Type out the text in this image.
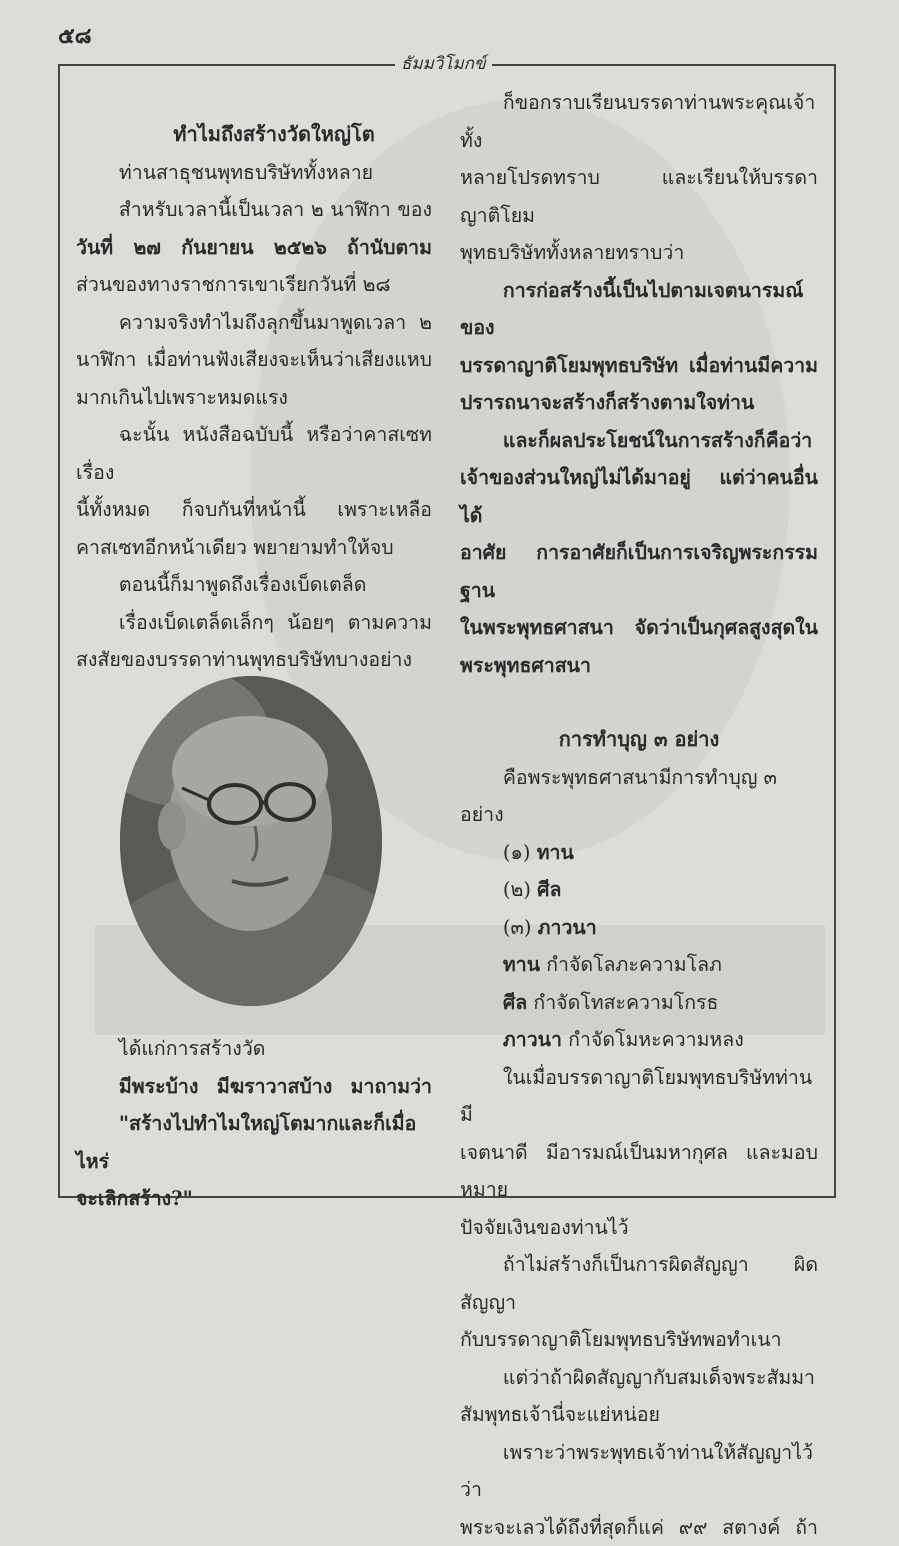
๕๘
ธัมมวิโมกข์

ทำไมถึงสร้างวัดใหญ่โต

ท่านสาธุชนพุทธบริษัททั้งหลาย

สำหรับเวลานี้เป็นเวลา ๒ นาฬิกา ของ

วันที่ ๒๗ กันยายน ๒๕๒๖ ถ้านับตาม

ส่วนของทางราชการเขาเรียกวันที่ ๒๘

ความจริงทำไมถึงลุกขึ้นมาพูดเวลา ๒

นาฬิกา เมื่อท่านฟังเสียงจะเห็นว่าเสียงแหบ

มากเกินไปเพราะหมดแรง

ฉะนั้น หนังสือฉบับนี้ หรือว่าคาสเซทเรื่อง

นี้ทั้งหมด ก็จบกันที่หน้านี้ เพราะเหลือ

คาสเซทอีกหน้าเดียว พยายามทำให้จบ

ตอนนี้ก็มาพูดถึงเรื่องเบ็ดเตล็ด

เรื่องเบ็ดเตล็ดเล็กๆ น้อยๆ ตามความ

สงสัยของบรรดาท่านพุทธบริษัทบางอย่าง

ได้แก่การสร้างวัด

มีพระบ้าง มีฆราวาสบ้าง มาถามว่า

"สร้างไปทำไมใหญ่โตมากและก็เมื่อไหร่

จะเลิกสร้าง?"

ก็ขอกราบเรียนบรรดาท่านพระคุณเจ้าทั้ง

หลายโปรดทราบ และเรียนให้บรรดาญาติโยม

พุทธบริษัททั้งหลายทราบว่า

การก่อสร้างนี้เป็นไปตามเจตนารมณ์ของ

บรรดาญาติโยมพุทธบริษัท เมื่อท่านมีความ

ปรารถนาจะสร้างก็สร้างตามใจท่าน

และก็ผลประโยชน์ในการสร้างก็คือว่า

เจ้าของส่วนใหญ่ไม่ได้มาอยู่ แต่ว่าคนอื่นได้

อาศัย การอาศัยก็เป็นการเจริญพระกรรมฐาน

ในพระพุทธศาสนา จัดว่าเป็นกุศลสูงสุดใน

พระพุทธศาสนา

การทำบุญ ๓ อย่าง

คือพระพุทธศาสนามีการทำบุญ ๓ อย่าง

(๑) ทาน

(๒) ศีล

(๓) ภาวนา

ทาน กำจัดโลภะความโลภ

ศีล กำจัดโทสะความโกรธ

ภาวนา กำจัดโมหะความหลง

ในเมื่อบรรดาญาติโยมพุทธบริษัทท่านมี

เจตนาดี มีอารมณ์เป็นมหากุศล และมอบหมาย

ปัจจัยเงินของท่านไว้

ถ้าไม่สร้างก็เป็นการผิดสัญญา ผิดสัญญา

กับบรรดาญาติโยมพุทธบริษัทพอทำเนา

แต่ว่าถ้าผิดสัญญากับสมเด็จพระสัมมา

สัมพุทธเจ้านี่จะแย่หน่อย

เพราะว่าพระพุทธเจ้าท่านให้สัญญาไว้ว่า

พระจะเลวได้ถึงที่สุดก็แค่ ๙๙ สตางค์ ถ้า
